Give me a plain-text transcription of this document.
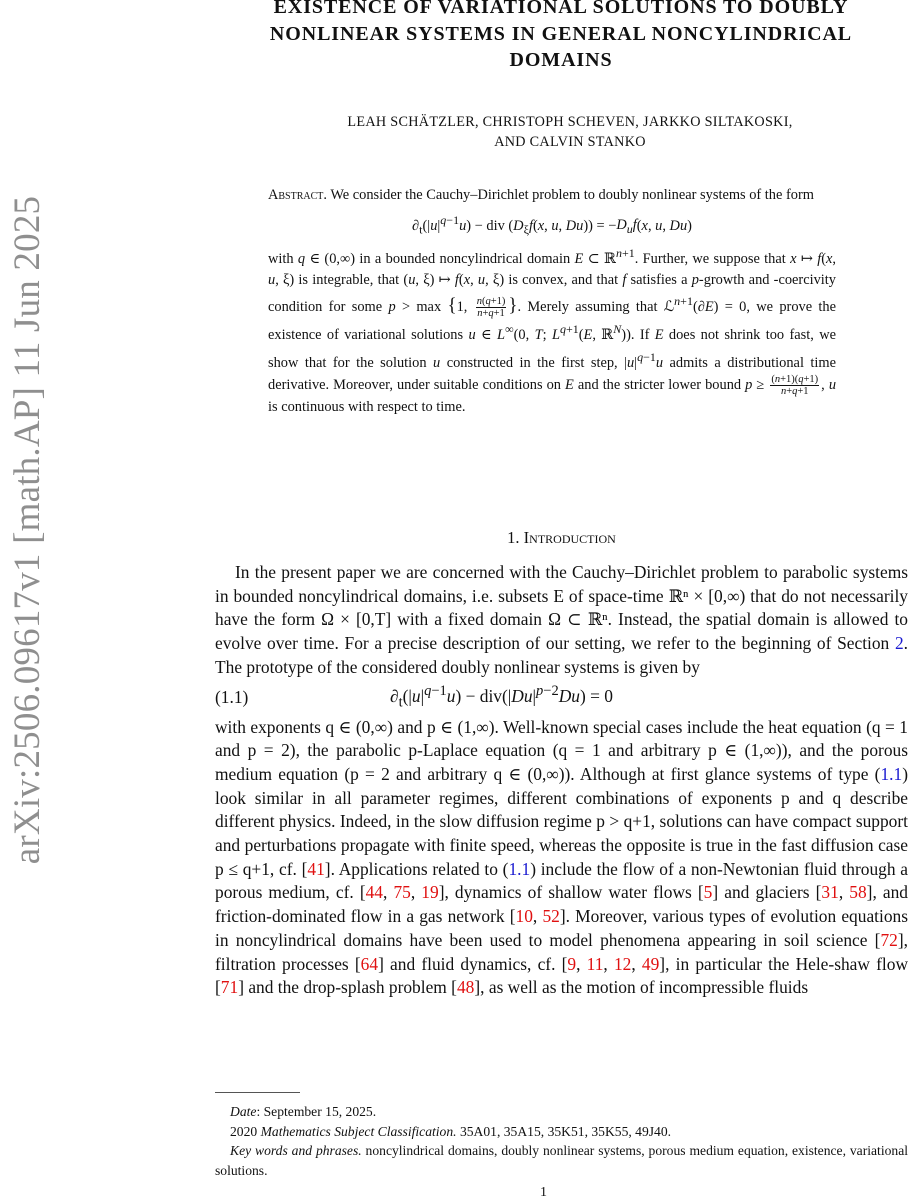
arXiv:2506.09617v1 [math.AP] 11 Jun 2025
EXISTENCE OF VARIATIONAL SOLUTIONS TO DOUBLY
NONLINEAR SYSTEMS IN GENERAL NONCYLINDRICAL
DOMAINS
LEAH SCHÄTZLER, CHRISTOPH SCHEVEN, JARKKO SILTAKOSKI,
AND CALVIN STANKO

Abstract. We consider the Cauchy–Dirichlet problem to doubly nonlinear systems of the form

$\partial_t(|u|^{q-1}u)$ − div ($D_\xi f(x$, u, $Du)) = -D_uf(x$, u, Du)

with q ∈ (0,∞) in a bounded noncylindrical domain E ⊂ ℝ$^{n+1}$. Further, we suppose that x ↦ f(x, u, ξ) is integrable, that (u, ξ) ↦ f(x, u, ξ) is convex, and that f satisfies a p-growth and -coercivity condition for some p > max {1, $\frac{n(q+1)}{n+q+1}$ }. Merely assuming that ℒ$^{n+1}$(∂E) = 0, we prove the existence of variational solutions u ∈ L∞(0, T; $L^{q+1}(E$, ℝ$^N$)). If E does not shrink too fast, we show that for the solution u constructed in the first step, $|u|^{q-1}u$ admits a distributional time derivative. Moreover, under suitable conditions on E and the stricter lower bound $p \ge \frac{(n+1)(q+1)}{n+q+1}$ , u is continuous with respect to time.

1. Introduction

In the present paper we are concerned with the Cauchy–Dirichlet problem to parabolic systems in bounded noncylindrical domains, i.e. subsets E of space-time ℝⁿ × [0,∞) that do not necessarily have the form Ω × [0,T] with a fixed domain Ω ⊂ ℝⁿ. Instead, the spatial domain is allowed to evolve over time. For a precise description of our setting, we refer to the beginning of Section 2. The prototype of the considered doubly nonlinear systems is given by

(1.1)	$\partial_t(|u|^{q-1}u) - div(|Du|^{p-2}Du) = 0$

with exponents q ∈ (0,∞) and p ∈ (1,∞). Well-known special cases include the heat equation (q = 1 and p = 2), the parabolic p-Laplace equation (q = 1 and arbitrary p ∈ (1,∞)), and the porous medium equation (p = 2 and arbitrary q ∈ (0,∞)). Although at first glance systems of type (1.1) look similar in all parameter regimes, different combinations of exponents p and q describe different physics. Indeed, in the slow diffusion regime p > q+1, solutions can have compact support and perturbations propagate with finite speed, whereas the opposite is true in the fast diffusion case p ≤ q+1, cf. [41]. Applications related to (1.1) include the flow of a non-Newtonian fluid through a porous medium, cf. [44, 75, 19], dynamics of shallow water flows [5] and glaciers [31, 58], and friction-dominated flow in a gas network [10, 52]. Moreover, various types of evolution equations in noncylindrical domains have been used to model phenomena appearing in soil science [72], filtration processes [64] and fluid dynamics, cf. [9, 11, 12, 49], in particular the Hele-shaw flow [71] and the drop-splash problem [48], as well as the motion of incompressible fluids

Date: September 15, 2025.

2020 Mathematics Subject Classification. 35A01, 35A15, 35K51, 35K55, 49J40.

Key words and phrases. noncylindrical domains, doubly nonlinear systems, porous medium equation, existence, variational solutions.

1
